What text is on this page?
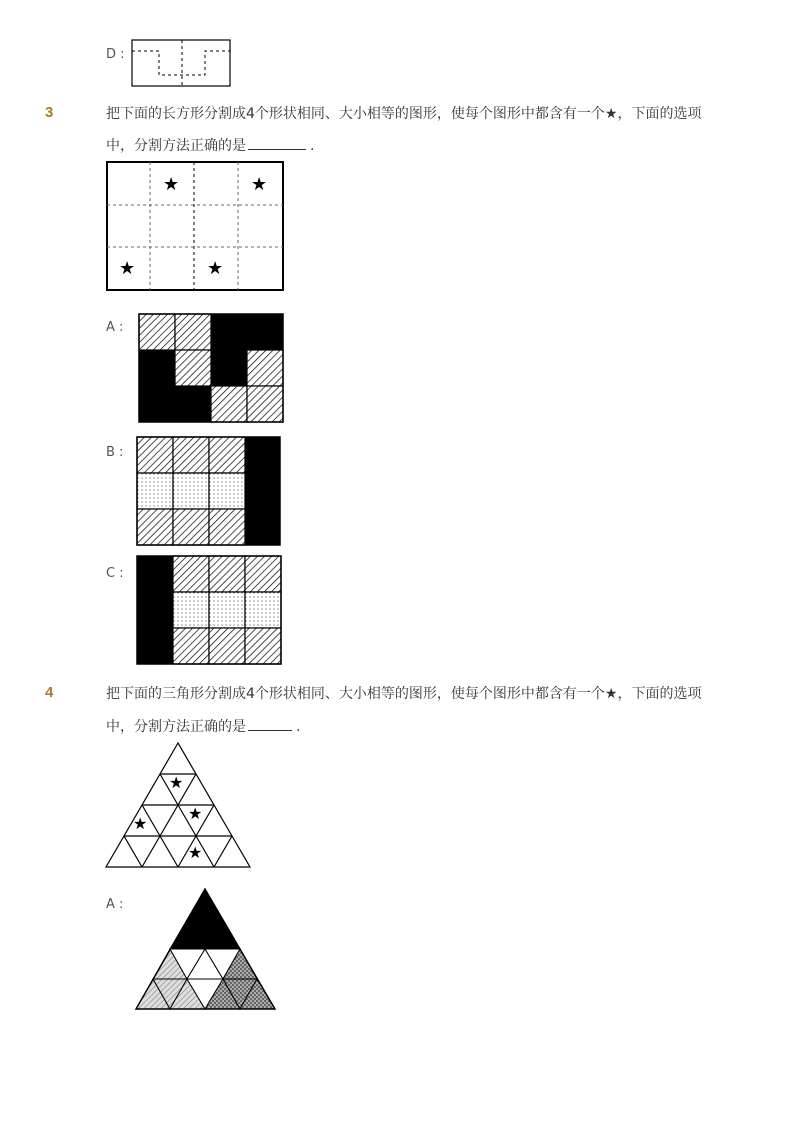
D :
3	把下面的长方形分割成4个形状相同、大小相等的图形，使每个图形中都含有一个★，下面的选项
中，分割方法正确的是	.
★	★
★	★
A :
B :
C :
4	把下面的三角形分割成4个形状相同、大小相等的图形，使每个图形中都含有一个★，下面的选项
中，分割方法正确的是	.
★
★
★
★
A :
